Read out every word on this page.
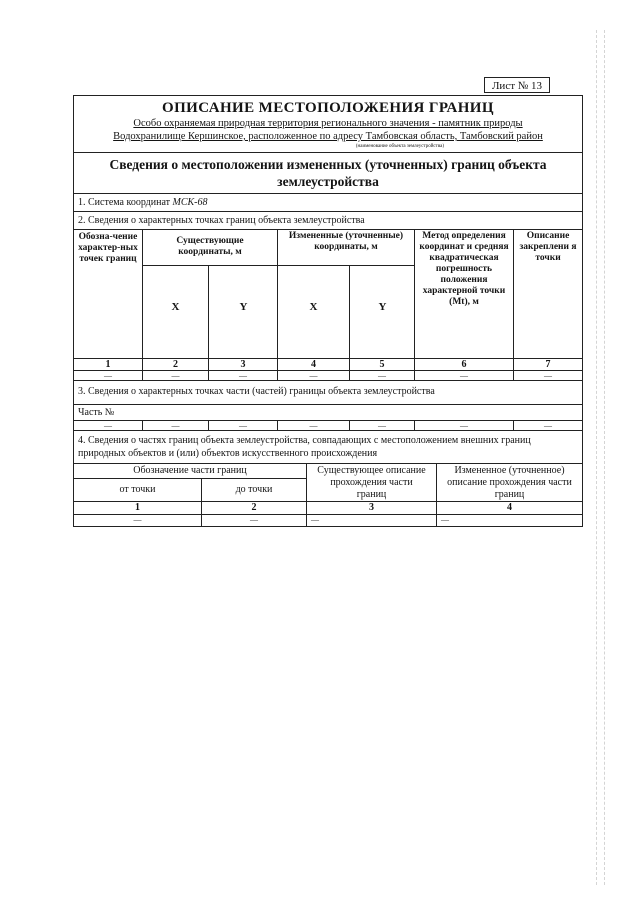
Лист № 13
ОПИСАНИЕ МЕСТОПОЛОЖЕНИЯ ГРАНИЦ
Особо охраняемая природная территория регионального значения - памятник природы
Водохранилище Кершинское, расположенное по адресу Тамбовская область, Тамбовский район
(наименование объекта землеустройства)
Сведения о местоположении измененных (уточненных) границ объекта землеустройства
1. Система координат МСК-68
2. Сведения о характерных точках границ объекта землеустройства
Обозна-чение характер-ных точек границ
Существующие координаты, м
X	Y
Измененные (уточненные) координаты, м
X	Y
Метод определения координат и средняя квадратическая погрешность положения характерной точки (Mt), м
Описание закреплени я точки
1	2	3	4	5	6	7
—	—	—	—	—	—	—
3. Сведения о характерных точках части (частей) границы объекта землеустройства
Часть №
—	—	—	—	—	—	—
4. Сведения о частях границ объекта землеустройства, совпадающих с местоположением внешних границ природных объектов и (или) объектов искусственного происхождения
Обозначение части границ
от точки	до точки
Существующее описание прохождения части границ
Измененное (уточненное) описание прохождения части границ
1	2	3	4
—	—	—	—
